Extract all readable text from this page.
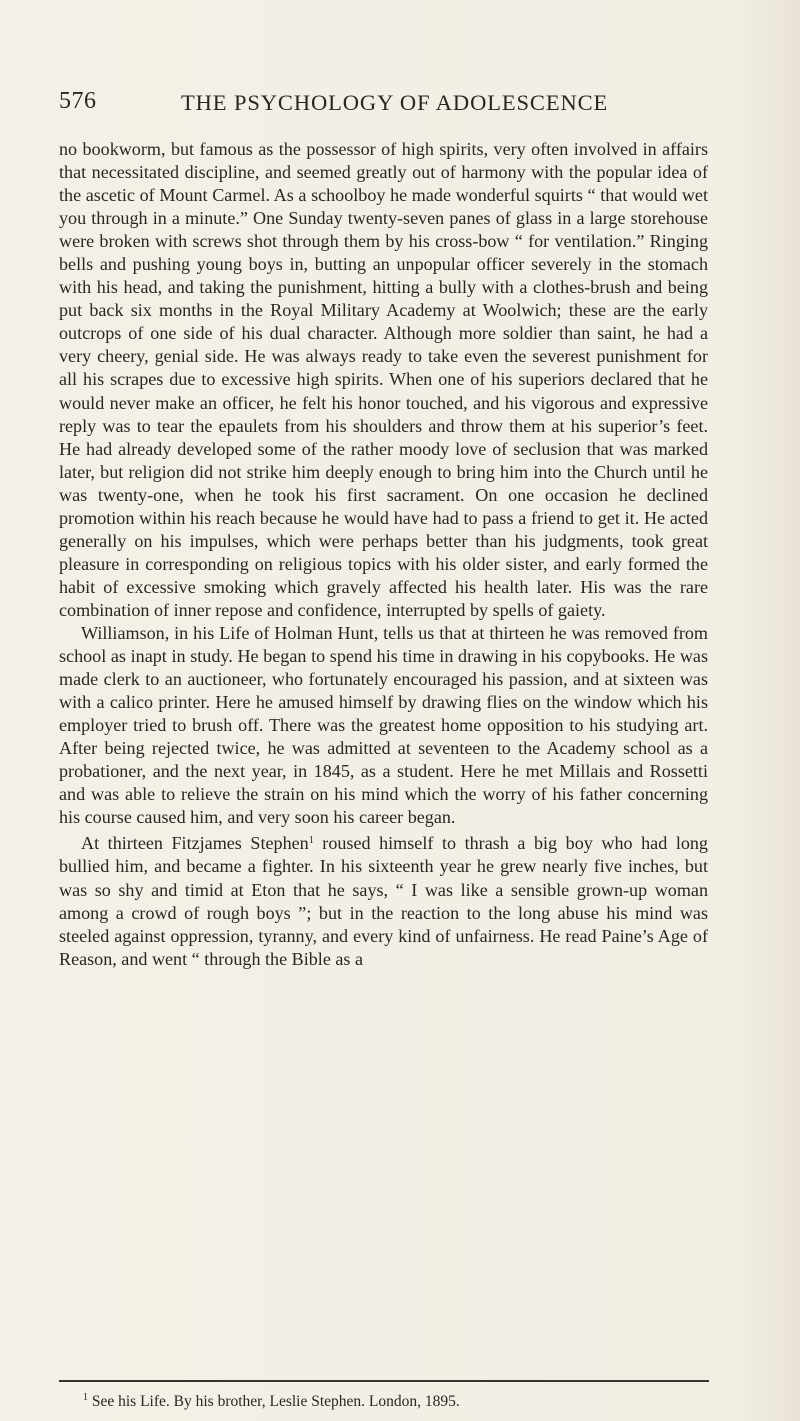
576	THE PSYCHOLOGY OF ADOLESCENCE

no bookworm, but famous as the possessor of high spirits, very often involved in affairs that necessitated discipline, and seemed greatly out of harmony with the popular idea of the ascetic of Mount Carmel. As a schoolboy he made wonderful squirts “ that would wet you through in a minute.” One Sunday twenty-seven panes of glass in a large storehouse were broken with screws shot through them by his cross-bow “ for ventilation.” Ringing bells and pushing young boys in, butting an unpopular officer severely in the stomach with his head, and taking the punishment, hitting a bully with a clothes-brush and being put back six months in the Royal Military Academy at Woolwich; these are the early outcrops of one side of his dual character. Although more soldier than saint, he had a very cheery, genial side. He was always ready to take even the severest punishment for all his scrapes due to excessive high spirits. When one of his superiors declared that he would never make an officer, he felt his honor touched, and his vigorous and expressive reply was to tear the epaulets from his shoulders and throw them at his superior’s feet. He had already developed some of the rather moody love of seclusion that was marked later, but religion did not strike him deeply enough to bring him into the Church until he was twenty-one, when he took his first sacrament. On one occasion he declined promotion within his reach because he would have had to pass a friend to get it. He acted generally on his impulses, which were perhaps better than his judgments, took great pleasure in corresponding on religious topics with his older sister, and early formed the habit of excessive smoking which gravely affected his health later. His was the rare combination of inner repose and confidence, interrupted by spells of gaiety.

Williamson, in his Life of Holman Hunt, tells us that at thirteen he was removed from school as inapt in study. He began to spend his time in drawing in his copybooks. He was made clerk to an auctioneer, who fortunately encouraged his passion, and at sixteen was with a calico printer. Here he amused himself by drawing flies on the window which his employer tried to brush off. There was the greatest home opposition to his studying art. After being rejected twice, he was admitted at seventeen to the Academy school as a probationer, and the next year, in 1845, as a student. Here he met Millais and Rossetti and was able to relieve the strain on his mind which the worry of his father concerning his course caused him, and very soon his career began.

At thirteen Fitzjames Stephen$^1$ roused himself to thrash a big boy who had long bullied him, and became a fighter. In his sixteenth year he grew nearly five inches, but was so shy and timid at Eton that he says, “ I was like a sensible grown-up woman among a crowd of rough boys ”; but in the reaction to the long abuse his mind was steeled against oppression, tyranny, and every kind of unfairness. He read Paine’s Age of Reason, and went “ through the Bible as a

$^1$ See his Life. By his brother, Leslie Stephen. London, 1895.
